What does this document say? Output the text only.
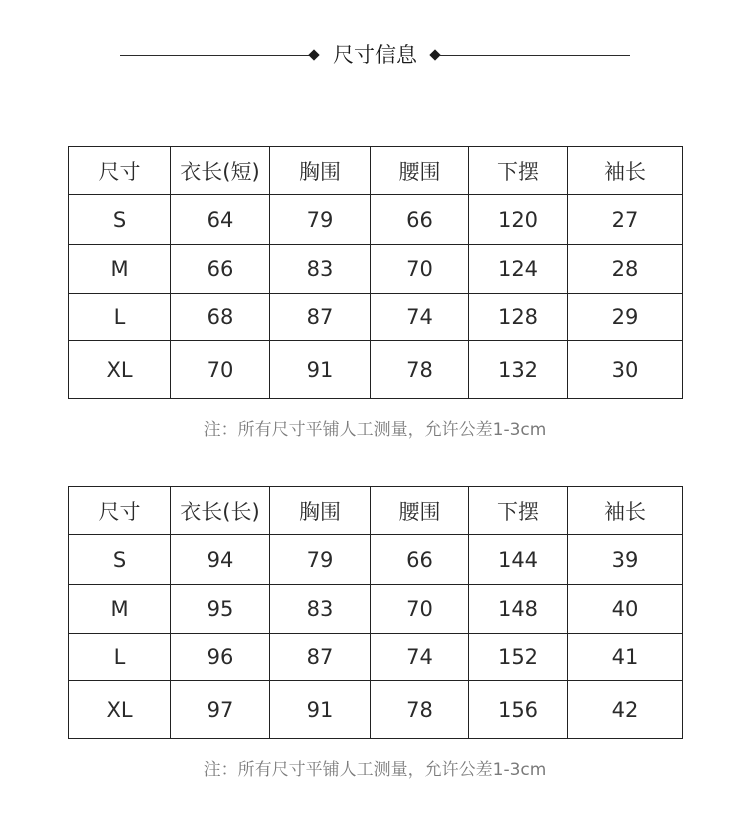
尺寸信息
尺寸	衣长(短)	胸围	腰围	下摆	袖长
S	64	79	66	120	27
M	66	83	70	124	28
L	68	87	74	128	29
XL	70	91	78	132	30
注：所有尺寸平铺人工测量，允许公差1-3cm
尺寸	衣长(长)	胸围	腰围	下摆	袖长
S	94	79	66	144	39
M	95	83	70	148	40
L	96	87	74	152	41
XL	97	91	78	156	42
注：所有尺寸平铺人工测量，允许公差1-3cm
